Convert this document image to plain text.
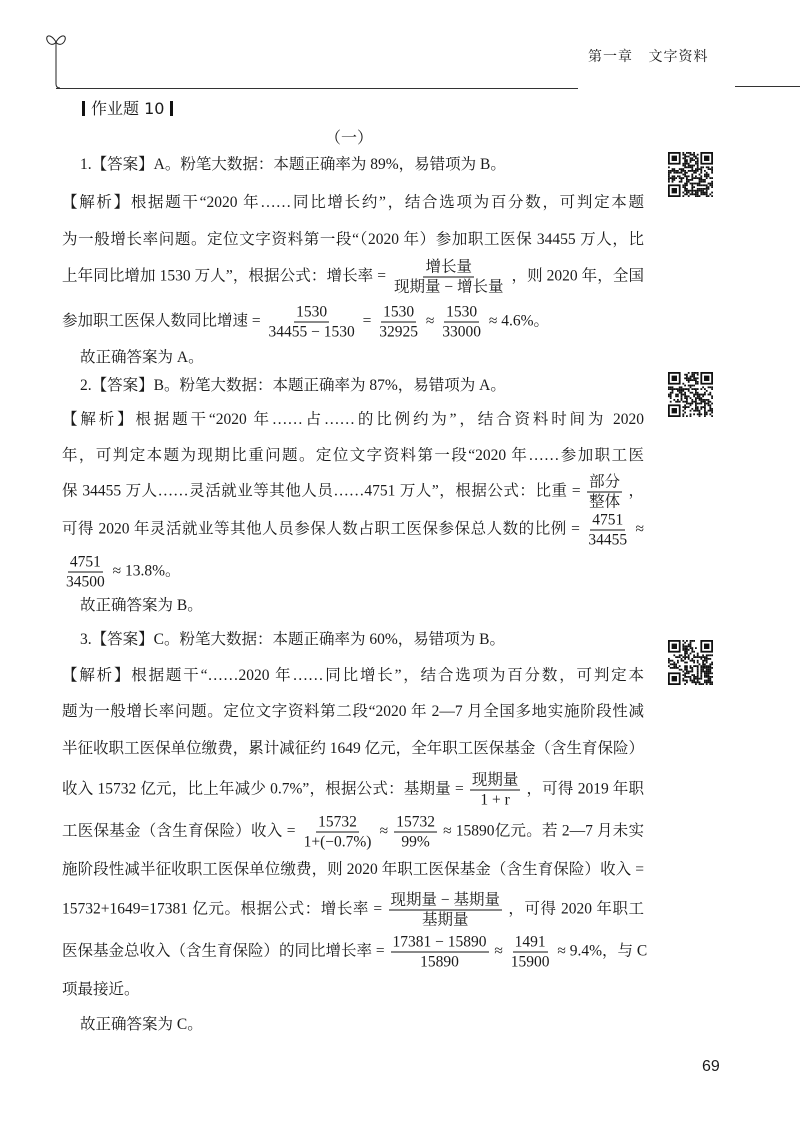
第一章 文字资料
作业题 10
（一）
1.【答案】A。粉笔大数据：本题正确率为 89%，易错项为 B。
【解析】根据题干“2020 年……同比增长约”，结合选项为百分数，可判定本题
为一般增长率问题。定位文字资料第一段“（2020 年）参加职工医保 34455 万人，比
上年同比增加 1530 万人”，根据公式：增长率 = $\frac{\text{增长量}}{\text{现期量 − 增长量}}$ ，则 2020 年，全国
参加职工医保人数同比增速 = $\frac{1530}{34455 - 1530} = \frac{1530}{32925} \approx \frac{1530}{33000} \approx 4.6\%$。
故正确答案为 A。
2.【答案】B。粉笔大数据：本题正确率为 87%，易错项为 A。
【解析】根据题干“2020 年……占……的比例约为”，结合资料时间为 2020
年，可判定本题为现期比重问题。定位文字资料第一段“2020 年……参加职工医
保 34455 万人……灵活就业等其他人员……4751 万人”，根据公式：比重 = $\frac{\text{部分}}{\text{整体}}$ ，
可得 2020 年灵活就业等其他人员参保人数占职工医保参保总人数的比例 = $\frac{4751}{34455}$ ≈
$\frac{4751}{34500} \approx 13.8\%$。
故正确答案为 B。
3.【答案】C。粉笔大数据：本题正确率为 60%，易错项为 B。
【解析】根据题干“……2020 年……同比增长”，结合选项为百分数，可判定本
题为一般增长率问题。定位文字资料第二段“2020 年 2—7 月全国多地实施阶段性减
半征收职工医保单位缴费，累计减征约 1649 亿元，全年职工医保基金（含生育保险）
收入 15732 亿元，比上年减少 0.7%”，根据公式：基期量 = $\frac{\text{现期量}}{1 + r}$ ，可得 2019 年职
工医保基金（含生育保险）收入 = $\frac{15732}{1+(-0.7\%)} \approx \frac{15732}{99\%} \approx 15890$亿元。若 2—7 月未实
施阶段性减半征收职工医保单位缴费，则 2020 年职工医保基金（含生育保险）收入 =
15732+1649=17381 亿元。根据公式：增长率 = $\frac{\text{现期量 − 基期量}}{\text{基期量}}$ ，可得 2020 年职工
医保基金总收入（含生育保险）的同比增长率 = $\frac{17381 - 15890}{15890} \approx \frac{1491}{15900} \approx 9.4\%$，与 C
项最接近。
故正确答案为 C。
69
